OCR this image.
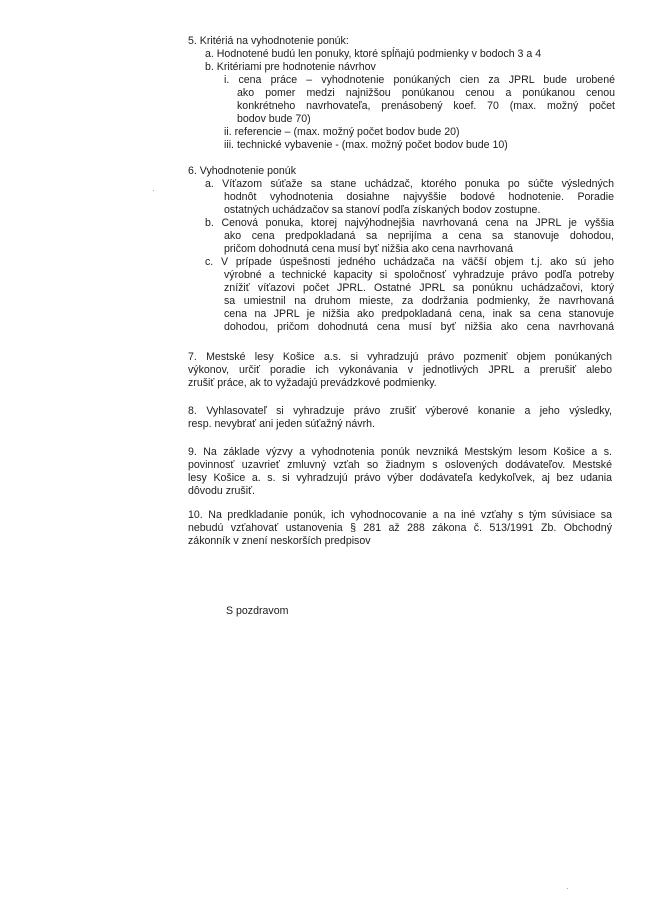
5. Kritériá na vyhodnotenie ponúk:
a. Hodnotené budú len ponuky, ktoré spĺňajú podmienky v bodoch 3 a 4
b. Kritériami pre hodnotenie návrhov
i. cena práce – vyhodnotenie ponúkaných cien za JPRL bude urobené
ako pomer medzi najnižšou ponúkanou cenou a ponúkanou cenou
konkrétneho navrhovateľa, prenásobený koef. 70 (max. možný počet
bodov bude 70)
ii. referencie – (max. možný počet bodov bude 20)
iii. technické vybavenie - (max. možný počet bodov bude 10)
·
6. Vyhodnotenie ponúk
a. Víťazom súťaže sa stane uchádzač, ktorého ponuka po súčte výsledných
hodnôt vyhodnotenia dosiahne najvyššie bodové hodnotenie. Poradie
ostatných uchádzačov sa stanoví podľa získaných bodov zostupne.
b. Cenová ponuka, ktorej najvýhodnejšia navrhovaná cena na JPRL je vyššia
ako cena predpokladaná sa neprijíma a cena sa stanovuje dohodou,
pričom dohodnutá cena musí byť nižšia ako cena navrhovaná
c. V prípade úspešnosti jedného uchádzača na väčší objem t.j. ako sú jeho
výrobné a technické kapacity si spoločnosť vyhradzuje právo podľa potreby
znížiť víťazovi počet JPRL. Ostatné JPRL sa ponúknu uchádzačovi, ktorý
sa umiestnil na druhom mieste, za dodržania podmienky, že navrhovaná
cena na JPRL je nižšia ako predpokladaná cena, inak sa cena stanovuje
dohodou, pričom dohodnutá cena musí byť nižšia ako cena navrhovaná
7. Mestské lesy Košice a.s. si vyhradzujú právo pozmeniť objem ponúkaných
výkonov, určiť poradie ich vykonávania v jednotlivých JPRL a prerušiť alebo
zrušiť práce, ak to vyžadajú prevádzkové podmienky.
8. Vyhlasovateľ si vyhradzuje právo zrušiť výberové konanie a jeho výsledky,
resp. nevybrať ani jeden súťažný návrh.
9. Na základe výzvy a vyhodnotenia ponúk nevzniká Mestským lesom Košice a s.
povinnosť uzavrieť zmluvný vzťah so žiadnym s oslovených dodávateľov. Mestské
lesy Košice a. s. si vyhradzujú právo výber dodávateľa kedykoľvek, aj bez udania
dôvodu zrušiť.
10. Na predkladanie ponúk, ich vyhodnocovanie a na iné vzťahy s tým súvisiace sa
nebudú vzťahovať ustanovenia § 281 až 288 zákona č. 513/1991 Zb. Obchodný
zákonník v znení neskorších predpisov
S pozdravom
·
